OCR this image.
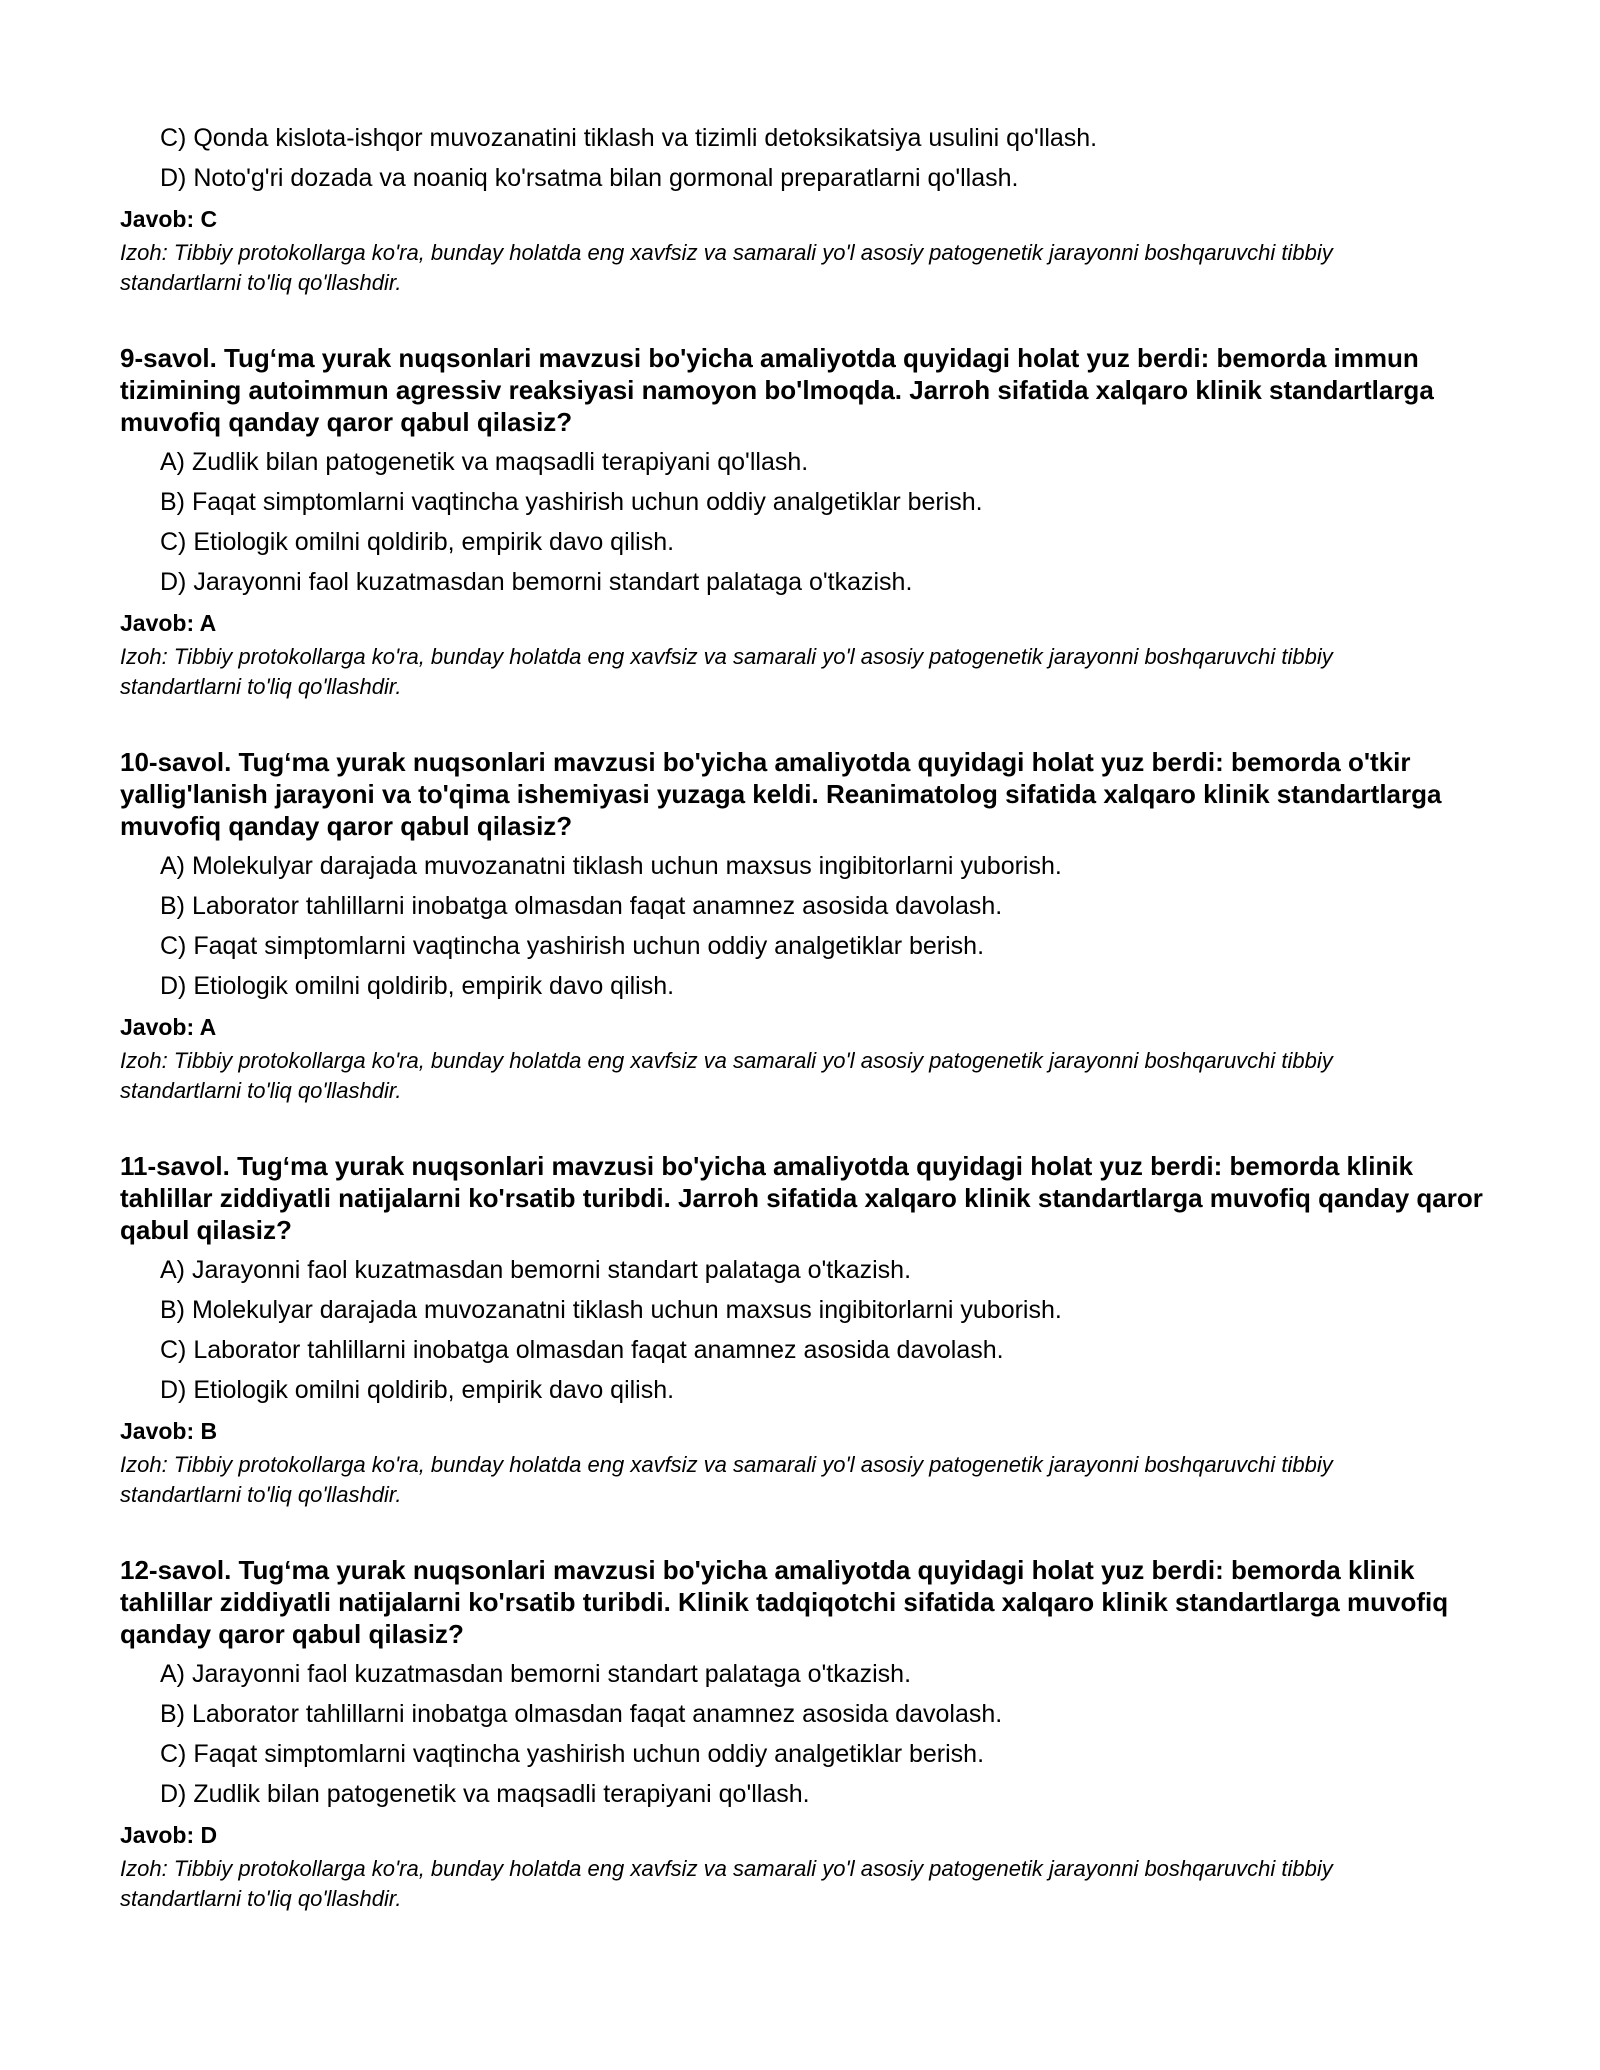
C) Qonda kislota-ishqor muvozanatini tiklash va tizimli detoksikatsiya usulini qo'llash.
D) Noto'g'ri dozada va noaniq ko'rsatma bilan gormonal preparatlarni qo'llash.
Javob: C
Izoh: Tibbiy protokollarga ko'ra, bunday holatda eng xavfsiz va samarali yo'l asosiy patogenetik jarayonni boshqaruvchi tibbiy standartlarni to'liq qo'llashdir.
9-savol. Tug‘ma yurak nuqsonlari mavzusi bo'yicha amaliyotda quyidagi holat yuz berdi: bemorda immun tizimining autoimmun agressiv reaksiyasi namoyon bo'lmoqda. Jarroh sifatida xalqaro klinik standartlarga muvofiq qanday qaror qabul qilasiz?
A) Zudlik bilan patogenetik va maqsadli terapiyani qo'llash.
B) Faqat simptomlarni vaqtincha yashirish uchun oddiy analgetiklar berish.
C) Etiologik omilni qoldirib, empirik davo qilish.
D) Jarayonni faol kuzatmasdan bemorni standart palataga o'tkazish.
Javob: A
Izoh: Tibbiy protokollarga ko'ra, bunday holatda eng xavfsiz va samarali yo'l asosiy patogenetik jarayonni boshqaruvchi tibbiy standartlarni to'liq qo'llashdir.
10-savol. Tug‘ma yurak nuqsonlari mavzusi bo'yicha amaliyotda quyidagi holat yuz berdi: bemorda o'tkir yallig'lanish jarayoni va to'qima ishemiyasi yuzaga keldi. Reanimatolog sifatida xalqaro klinik standartlarga muvofiq qanday qaror qabul qilasiz?
A) Molekulyar darajada muvozanatni tiklash uchun maxsus ingibitorlarni yuborish.
B) Laborator tahlillarni inobatga olmasdan faqat anamnez asosida davolash.
C) Faqat simptomlarni vaqtincha yashirish uchun oddiy analgetiklar berish.
D) Etiologik omilni qoldirib, empirik davo qilish.
Javob: A
Izoh: Tibbiy protokollarga ko'ra, bunday holatda eng xavfsiz va samarali yo'l asosiy patogenetik jarayonni boshqaruvchi tibbiy standartlarni to'liq qo'llashdir.
11-savol. Tug‘ma yurak nuqsonlari mavzusi bo'yicha amaliyotda quyidagi holat yuz berdi: bemorda klinik tahlillar ziddiyatli natijalarni ko'rsatib turibdi. Jarroh sifatida xalqaro klinik standartlarga muvofiq qanday qaror qabul qilasiz?
A) Jarayonni faol kuzatmasdan bemorni standart palataga o'tkazish.
B) Molekulyar darajada muvozanatni tiklash uchun maxsus ingibitorlarni yuborish.
C) Laborator tahlillarni inobatga olmasdan faqat anamnez asosida davolash.
D) Etiologik omilni qoldirib, empirik davo qilish.
Javob: B
Izoh: Tibbiy protokollarga ko'ra, bunday holatda eng xavfsiz va samarali yo'l asosiy patogenetik jarayonni boshqaruvchi tibbiy standartlarni to'liq qo'llashdir.
12-savol. Tug‘ma yurak nuqsonlari mavzusi bo'yicha amaliyotda quyidagi holat yuz berdi: bemorda klinik tahlillar ziddiyatli natijalarni ko'rsatib turibdi. Klinik tadqiqotchi sifatida xalqaro klinik standartlarga muvofiq qanday qaror qabul qilasiz?
A) Jarayonni faol kuzatmasdan bemorni standart palataga o'tkazish.
B) Laborator tahlillarni inobatga olmasdan faqat anamnez asosida davolash.
C) Faqat simptomlarni vaqtincha yashirish uchun oddiy analgetiklar berish.
D) Zudlik bilan patogenetik va maqsadli terapiyani qo'llash.
Javob: D
Izoh: Tibbiy protokollarga ko'ra, bunday holatda eng xavfsiz va samarali yo'l asosiy patogenetik jarayonni boshqaruvchi tibbiy standartlarni to'liq qo'llashdir.
